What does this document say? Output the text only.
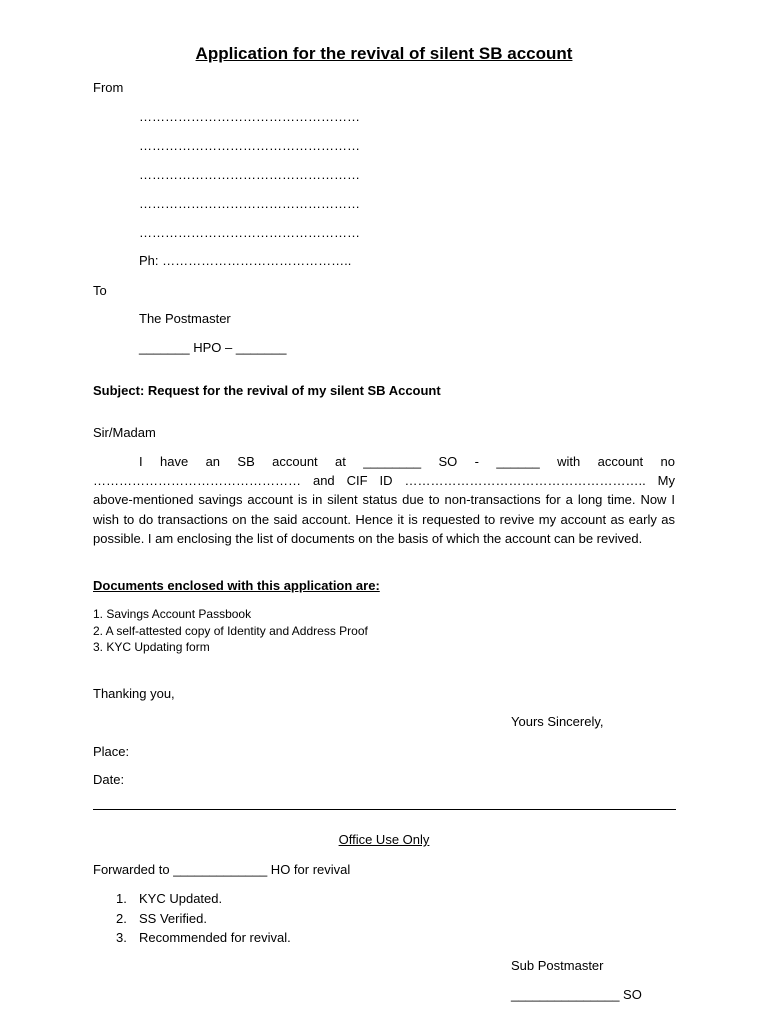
Application for the revival of silent SB account
From
……………………………………………
……………………………………………
……………………………………………
……………………………………………
……………………………………………
Ph: ……………………………………..
To
The Postmaster
_______ HPO – _______
Subject: Request for the revival of my silent SB Account
Sir/Madam
I have an SB account at ________ SO - ______ with account no ………………………………………… and CIF ID ……………………………………………….. My above-mentioned savings account is in silent status due to non-transactions for a long time. Now I wish to do transactions on the said account. Hence it is requested to revive my account as early as possible. I am enclosing the list of documents on the basis of which the account can be revived.
Documents enclosed with this application are:
1. Savings Account Passbook
2. A self-attested copy of Identity and Address Proof
3. KYC Updating form
Thanking you,
Yours Sincerely,
Place:
Date:
Office Use Only
Forwarded to _____________ HO for revival
1. KYC Updated.
2. SS Verified.
3. Recommended for revival.
Sub Postmaster
_______________ SO
